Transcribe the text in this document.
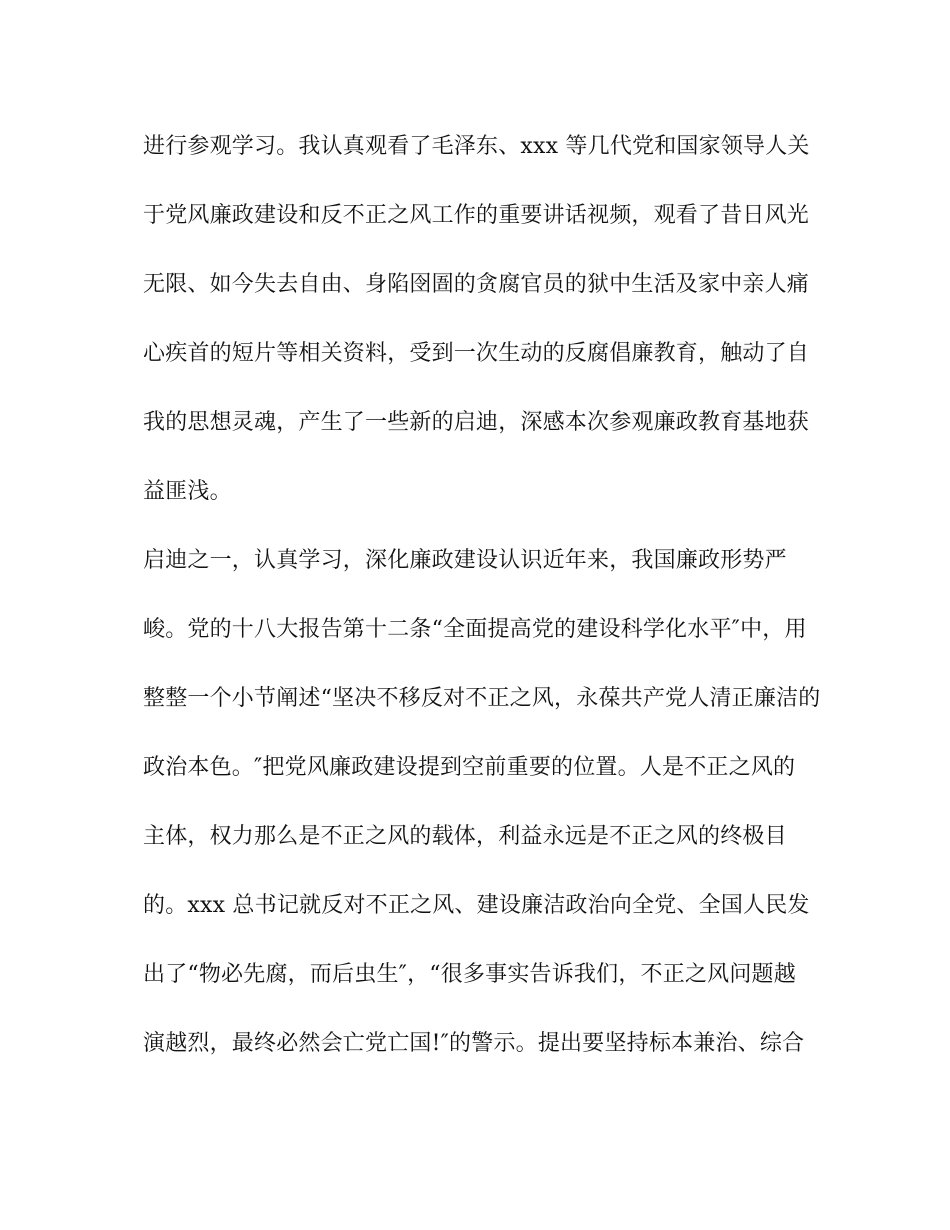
进行参观学习。我认真观看了毛泽东、xxx 等几代党和国家领导人关
于党风廉政建设和反不正之风工作的重要讲话视频，观看了昔日风光
无限、如今失去自由、身陷囹圄的贪腐官员的狱中生活及家中亲人痛
心疾首的短片等相关资料，受到一次生动的反腐倡廉教育，触动了自
我的思想灵魂，产生了一些新的启迪，深感本次参观廉政教育基地获
益匪浅。
启迪之一，认真学习，深化廉政建设认识近年来，我国廉政形势严
峻。党的十八大报告第十二条“全面提高党的建设科学化水平″中，用
整整一个小节阐述“坚决不移反对不正之风，永葆共产党人清正廉洁的
政治本色。″把党风廉政建设提到空前重要的位置。人是不正之风的
主体，权力那么是不正之风的载体，利益永远是不正之风的终极目
的。xxx 总书记就反对不正之风、建设廉洁政治向全党、全国人民发
出了“物必先腐，而后虫生″，“很多事实告诉我们，不正之风问题越
演越烈，最终必然会亡党亡国!″的警示。提出要坚持标本兼治、综合
